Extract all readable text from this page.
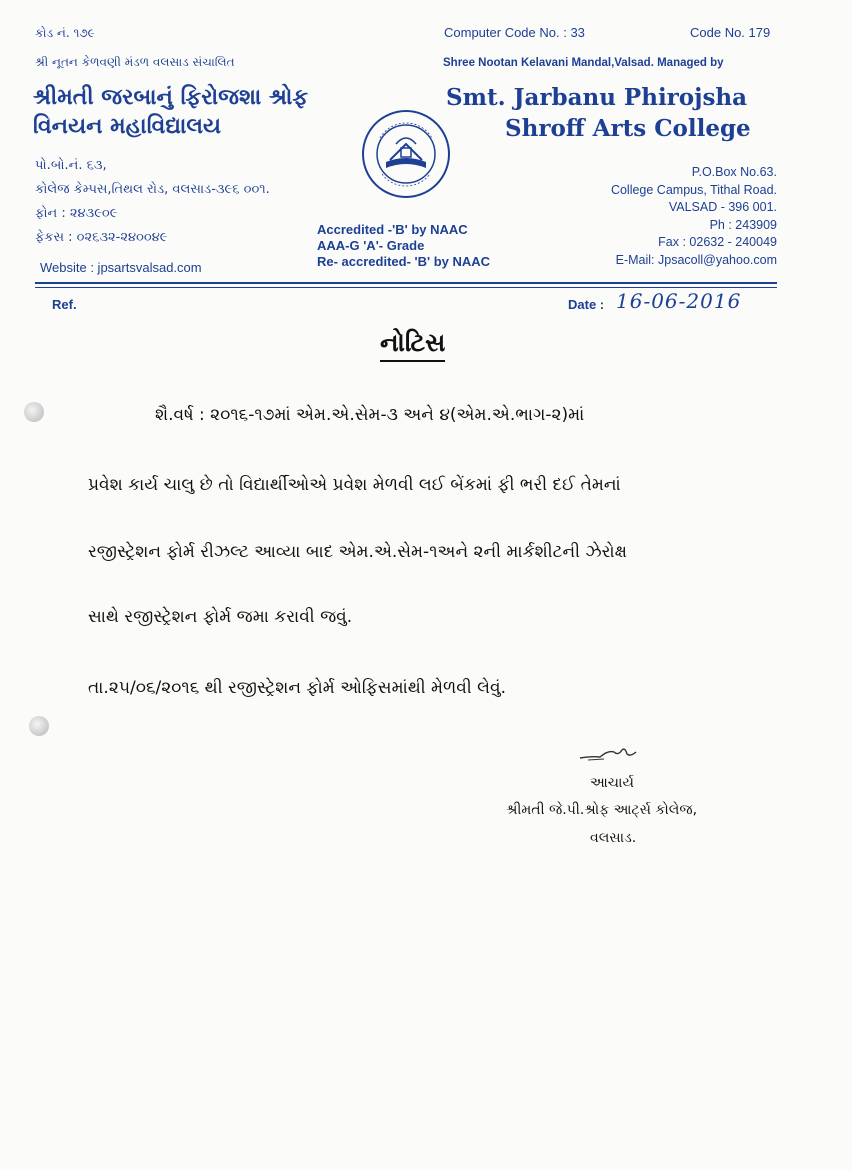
કોડ નં. ૧૭૯
શ્રી નૂતન કેળવણી મંડળ વલસાડ સંચાલિત
શ્રીમતી જરબાનું ફિરોજશા શ્રોફ
વિનયન મહાવિદ્યાલય
પો.બો.નં. ૬૩,
કોલેજ કેમ્પસ,તિથલ રોડ, વલસાડ-૩૯૬ ૦૦૧.
ફોન : ૨૪૩૯૦૯
ફેકસ : ૦૨૬૩૨-૨૪૦૦૪૯
Website : jpsartsvalsad.com
Accredited -'B' by NAAC
AAA-G 'A'- Grade
Re- accredited- 'B' by NAAC
Computer Code No. : 33	Code No. 179
Shree Nootan Kelavani Mandal,Valsad. Managed by
Smt. Jarbanu Phirojsha
Shroff Arts College
P.O.Box No.63.
College Campus, Tithal Road.
VALSAD - 396 001.
Ph : 243909
Fax : 02632 - 240049
E-Mail: Jpsacoll@yahoo.com
Ref.	Date : 16-06-2016
નોટિસ
શૈ.વર્ષ : ૨૦૧૬-૧૭માં એમ.એ.સેમ-૩ અને ૪(એમ.એ.ભાગ-૨)માં
પ્રવેશ કાર્ય ચાલુ છે તો વિદ્યાર્થીઓએ પ્રવેશ મેળવી લઈ બેંકમાં ફી ભરી દઈ તેમનાં
રજીસ્ટ્રેશન ફોર્મ રીઝલ્ટ આવ્યા બાદ એમ.એ.સેમ-૧અને ૨ની માર્કશીટની ઝેરોક્ષ
સાથે રજીસ્ટ્રેશન ફોર્મ જમા કરાવી જવું.
તા.૨૫/૦૬/૨૦૧૬ થી રજીસ્ટ્રેશન ફોર્મ ઓફિસમાંથી મેળવી લેવું.
આચાર્ય
શ્રીમતી જે.પી.શ્રોફ આર્ટ્સ કોલેજ,
વલસાડ.
